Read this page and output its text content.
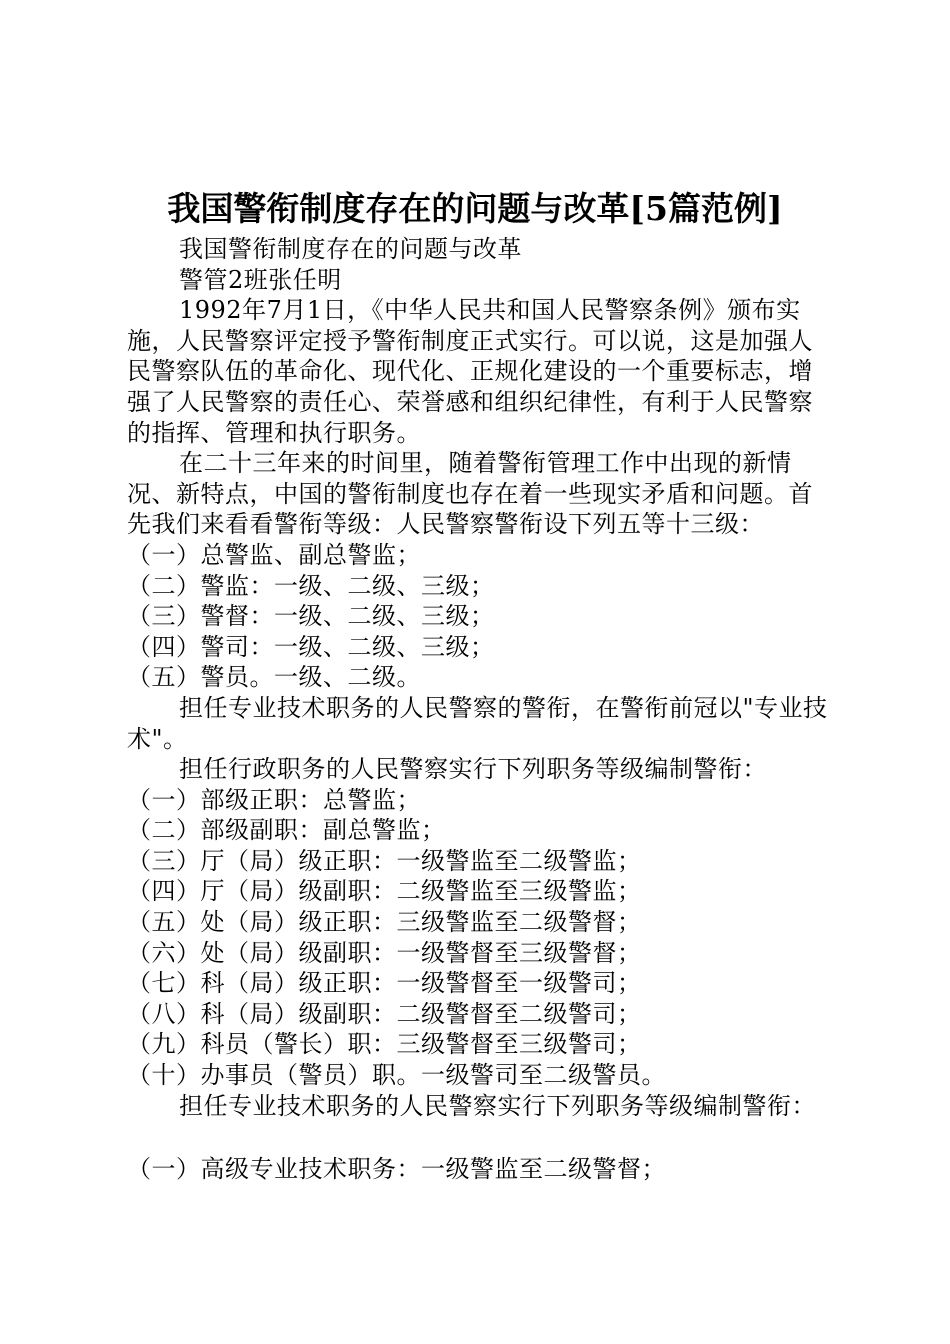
我国警衔制度存在的问题与改革[5篇范例]

我国警衔制度存在的问题与改革

警管2班张任明

1992年7月1日，《中华人民共和国人民警察条例》颁布实施，人民警察评定授予警衔制度正式实行。可以说，这是加强人民警察队伍的革命化、现代化、正规化建设的一个重要标志，增强了人民警察的责任心、荣誉感和组织纪律性，有利于人民警察的指挥、管理和执行职务。

在二十三年来的时间里，随着警衔管理工作中出现的新情况、新特点，中国的警衔制度也存在着一些现实矛盾和问题。首先我们来看看警衔等级：人民警察警衔设下列五等十三级：

（一）总警监、副总警监；

（二）警监：一级、二级、三级；

（三）警督：一级、二级、三级；

（四）警司：一级、二级、三级；

（五）警员。一级、二级。

担任专业技术职务的人民警察的警衔，在警衔前冠以"专业技术"。

担任行政职务的人民警察实行下列职务等级编制警衔：

（一）部级正职：总警监；

（二）部级副职：副总警监；

（三）厅（局）级正职：一级警监至二级警监；

（四）厅（局）级副职：二级警监至三级警监；

（五）处（局）级正职：三级警监至二级警督；

（六）处（局）级副职：一级警督至三级警督；

（七）科（局）级正职：一级警督至一级警司；

（八）科（局）级副职：二级警督至二级警司；

（九）科员（警长）职：三级警督至三级警司；

（十）办事员（警员）职。一级警司至二级警员。

担任专业技术职务的人民警察实行下列职务等级编制警衔：

（一）高级专业技术职务：一级警监至二级警督；
